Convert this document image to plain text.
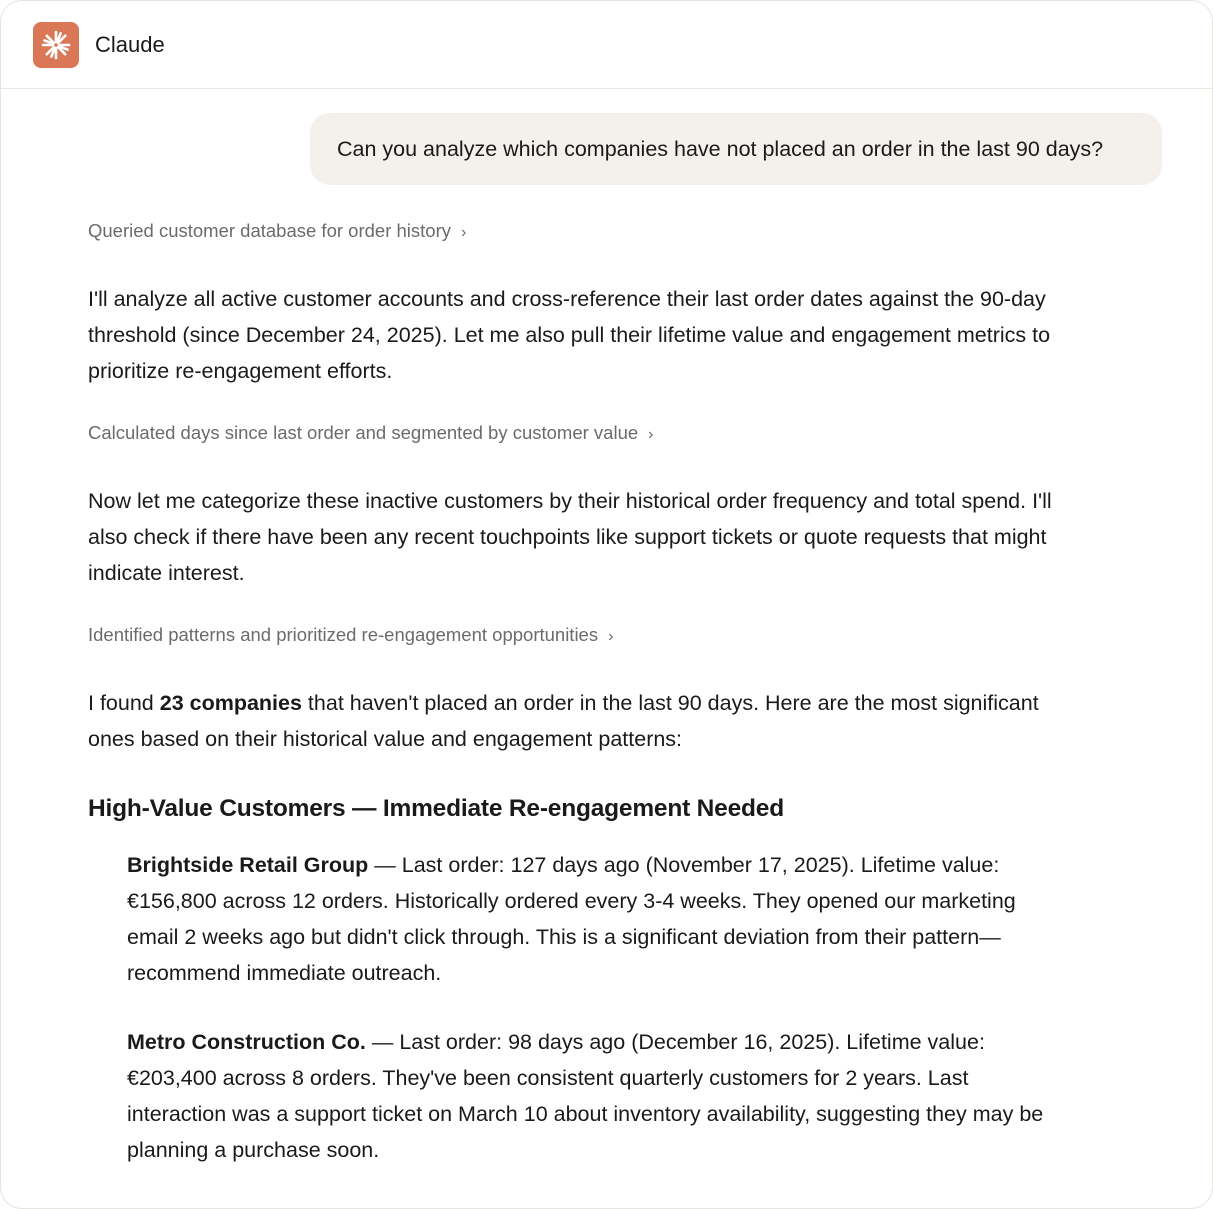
Claude
Can you analyze which companies have not placed an order in the last 90 days?
Queried customer database for order history ›

I'll analyze all active customer accounts and cross-reference their last order dates against the 90-day threshold (since December 24, 2025). Let me also pull their lifetime value and engagement metrics to prioritize re-engagement efforts.

Calculated days since last order and segmented by customer value ›

Now let me categorize these inactive customers by their historical order frequency and total spend. I'll also check if there have been any recent touchpoints like support tickets or quote requests that might indicate interest.

Identified patterns and prioritized re-engagement opportunities ›

I found 23 companies that haven't placed an order in the last 90 days. Here are the most significant ones based on their historical value and engagement patterns:

High-Value Customers — Immediate Re-engagement Needed

Brightside Retail Group — Last order: 127 days ago (November 17, 2025). Lifetime value: €156,800 across 12 orders. Historically ordered every 3-4 weeks. They opened our marketing email 2 weeks ago but didn't click through. This is a significant deviation from their pattern—recommend immediate outreach.

Metro Construction Co. — Last order: 98 days ago (December 16, 2025). Lifetime value: €203,400 across 8 orders. They've been consistent quarterly customers for 2 years. Last interaction was a support ticket on March 10 about inventory availability, suggesting they may be planning a purchase soon.
